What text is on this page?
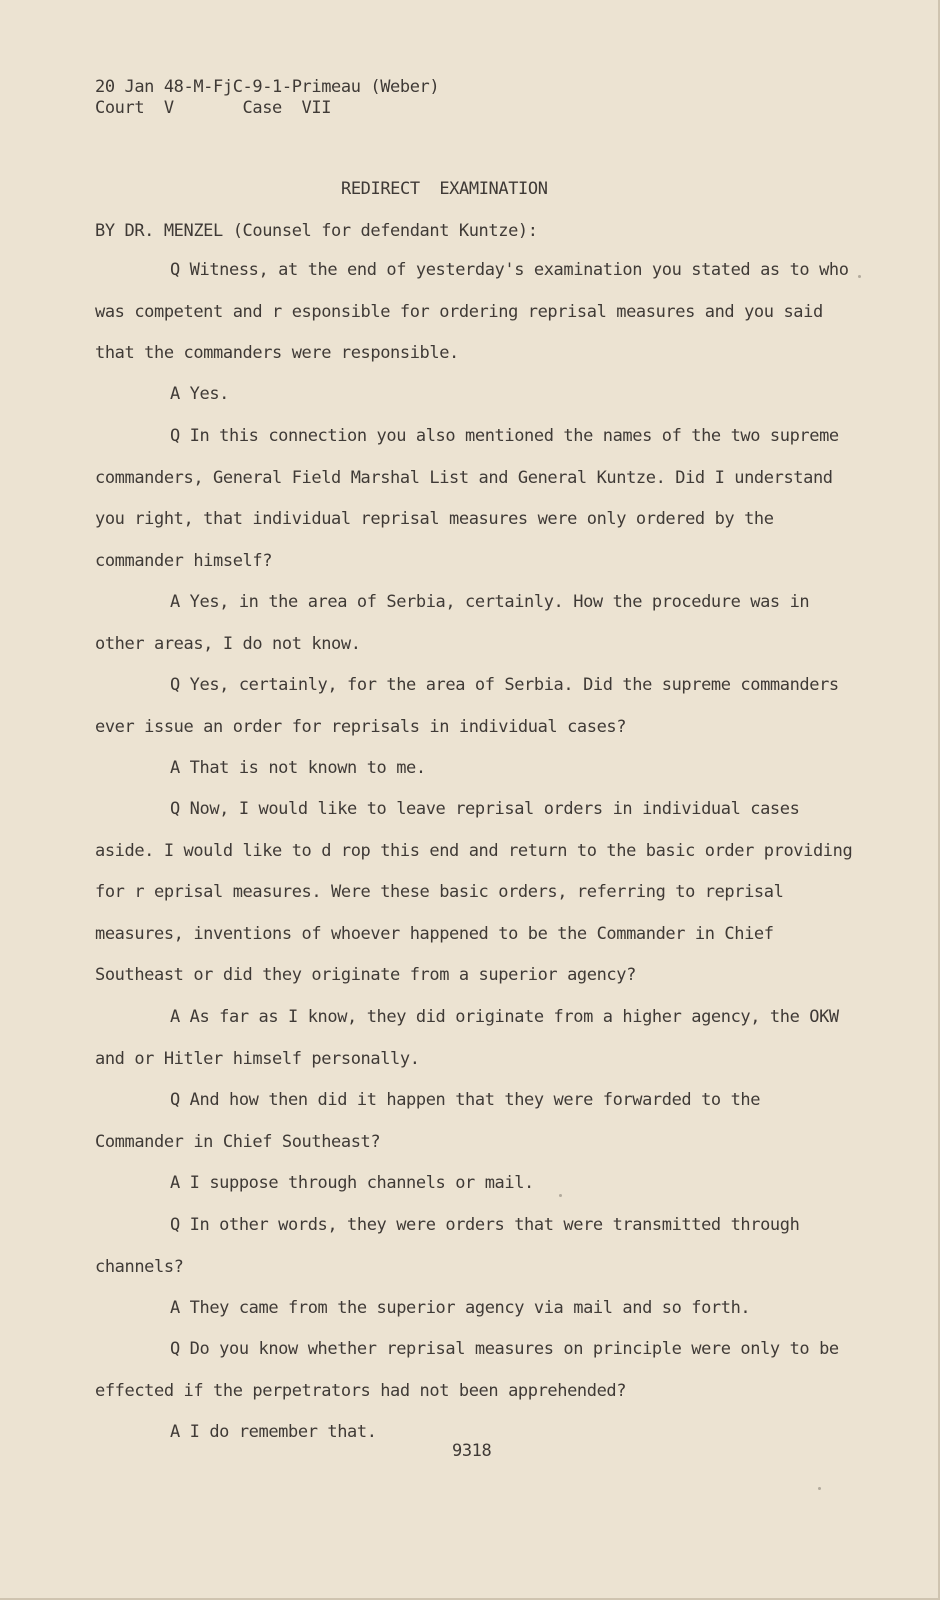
20 Jan 48-M-FjC-9-1-Primeau (Weber)
Court  V       Case  VII
REDIRECT  EXAMINATION
BY DR. MENZEL (Counsel for defendant Kuntze):
Q Witness, at the end of yesterday's examination you stated as to who was competent and r esponsible for ordering reprisal measures and you said that the commanders were responsible.
A Yes.
Q In this connection you also mentioned the names of the two supreme commanders, General Field Marshal List and General Kuntze. Did I understand you right, that individual reprisal measures were only ordered by the commander himself?
A Yes, in the area of Serbia, certainly. How the procedure was in other areas, I do not know.
Q Yes, certainly, for the area of Serbia. Did the supreme commanders ever issue an order for reprisals in individual cases?
A That is not known to me.
Q Now, I would like to leave reprisal orders in individual cases aside. I would like to d rop this end and return to the basic order providing for r eprisal measures. Were these basic orders, referring to reprisal measures, inventions of whoever happened to be the Commander in Chief Southeast or did they originate from a superior agency?
A As far as I know, they did originate from a higher agency, the OKW and or Hitler himself personally.
Q And how then did it happen that they were forwarded to the Commander in Chief Southeast?
A I suppose through channels or mail.
Q In other words, they were orders that were transmitted through channels?
A They came from the superior agency via mail and so forth.
Q Do you know whether reprisal measures on principle were only to be effected if the perpetrators had not been apprehended?
A I do remember that.
9318
